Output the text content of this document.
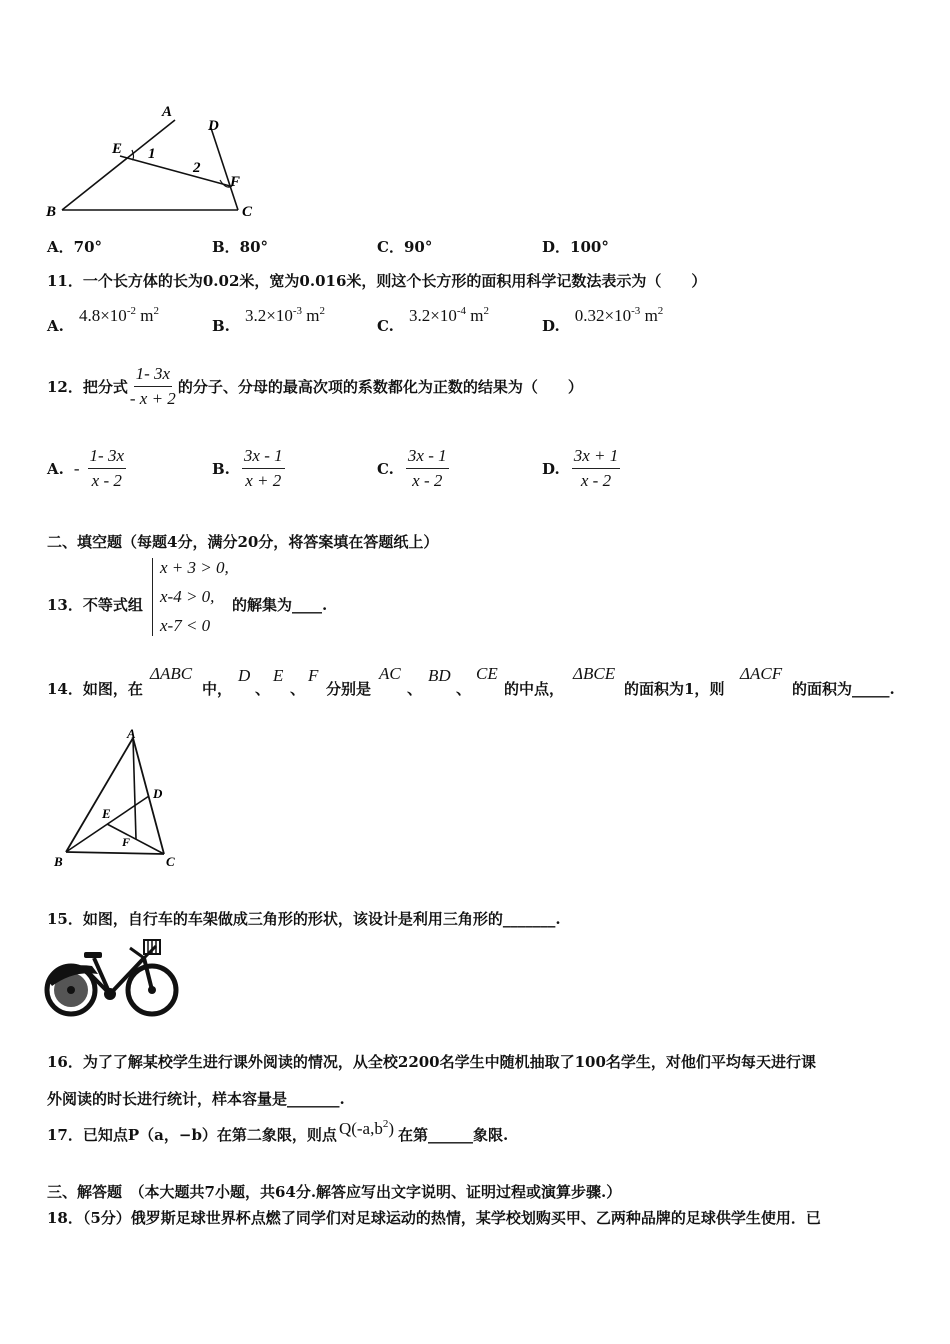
A
D
E 1
2
F
B	C
A．70°	B．80°	C．90°	D．100°
11．一个长方体的长为0.02米，宽为0.016米，则这个长方形的面积用科学记数法表示为（　　）
A. $4.8\times 10^{-2}$ $m^2$
B. $3.2\times 10^{-3}$ $m^2$
C. $3.2\times 10^{-4}$ $m^2$
D. $0.32\times 10^{-3}$ $m^2$
12．把分式 $\frac{1- 3x}{- x + 2}$ 的分子、分母的最高次项的系数都化为正数的结果为（　　）
A. - $\frac{1- 3x}{x - 2}$	B. $\frac{3x - 1}{x + 2}$	C. $\frac{3x - 1}{x - 2}$	D. $\frac{3x + 1}{x - 2}$
二、填空题（每题4分，满分20分，将答案填在答题纸上）
13．不等式组
x + 3 > 0,
x-4 > 0,
x-7 < 0
的解集为____.
14．如图，在
ΔABC
中，
D
、
E
、
F
分别是
AC
、
BD
、
CE
的中点，
ΔBCE
的面积为1，则
ΔACF
的面积为_____.
A
D
E
F
B	C
15．如图，自行车的车架做成三角形的形状，该设计是利用三角形的_______.
16．为了了解某校学生进行课外阅读的情况，从全校2200名学生中随机抽取了100名学生，对他们平均每天进行课
外阅读的时长进行统计，样本容量是_______.
17．已知点P（a，−b）在第二象限，则点 $Q(-a,b^2)$ 在第______象限.
三、解答题　（本大题共7小题，共64分.解答应写出文字说明、证明过程或演算步骤.）
18．（5分）俄罗斯足球世界杯点燃了同学们对足球运动的热情，某学校划购买甲、乙两种品牌的足球供学生使用．已
